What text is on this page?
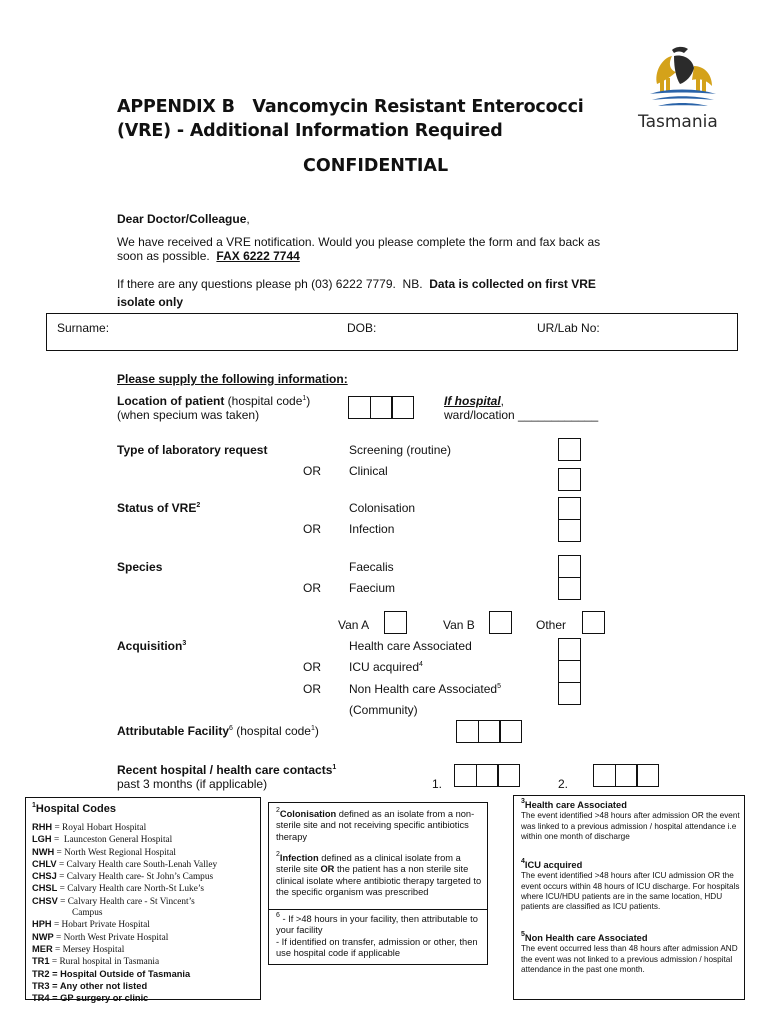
Tasmania
APPENDIX B   Vancomycin Resistant Enterococci
(VRE) - Additional Information Required
CONFIDENTIAL
Dear Doctor/Colleague,
We have received a VRE notification. Would you please complete the form and fax back as
soon as possible.  FAX 6222 7744
If there are any questions please ph (03) 6222 7779.  NB.  Data is collected on first VRE
isolate only
Surname:	DOB:	UR/Lab No:
Please supply the following information:
Location of patient (hospital code$^1$)
(when specium was taken)
If hospital,
ward/location ____________
Type of laboratory request	Screening (routine)
OR Clinical
Status of VRE$^2$	Colonisation
OR Infection
Species	Faecalis
OR Faecium
Van A	Van B	Other
Acquisition$^3$	Health care Associated
OR ICU acquired$^4$
OR Non Health care Associated$^5$
(Community)
Attributable Facility$^6$ (hospital code$^1$)
Recent hospital / health care contacts$^1$
past 3 months (if applicable)	1.	2.
$^1$Hospital Codes
RHH = Royal Hobart Hospital
LGH =  Launceston General Hospital
NWH = North West Regional Hospital
CHLV = Calvary Health care South-Lenah Valley
CHSJ = Calvary Health care- St John’s Campus
CHSL = Calvary Health care North-St Luke’s
CHSV = Calvary Health care - St Vincent’s
Campus
HPH = Hobart Private Hospital
NWP = North West Private Hospital
MER = Mersey Hospital
TR1 = Rural hospital in Tasmania
TR2 = Hospital Outside of Tasmania
TR3 = Any other not listed
TR4 = GP surgery or clinic
$^2$Colonisation defined as an isolate from a non-sterile site and not receiving specific antibiotics therapy
$^2$Infection defined as a clinical isolate from a sterile site OR the patient has a non sterile site clinical isolate where antibiotic therapy targeted to the specific organism was prescribed
$^6$ - If >48 hours in your facility, then attributable to your facility
- If identified on transfer, admission or other, then use hospital code if applicable
$^3$Health care Associated
The event identified >48 hours after admission OR the event was linked to a previous admission / hospital attendance i.e within one month of discharge
$^4$ICU acquired
The event identified >48 hours after ICU admission OR the event occurs within 48 hours of ICU discharge. For hospitals where ICU/HDU patients are in the same location, HDU patients are classified as ICU patients.
$^5$Non Health care Associated
The event occurred less than 48 hours after admission AND the event was not linked to a previous admission / hospital attendance in the past one month.
